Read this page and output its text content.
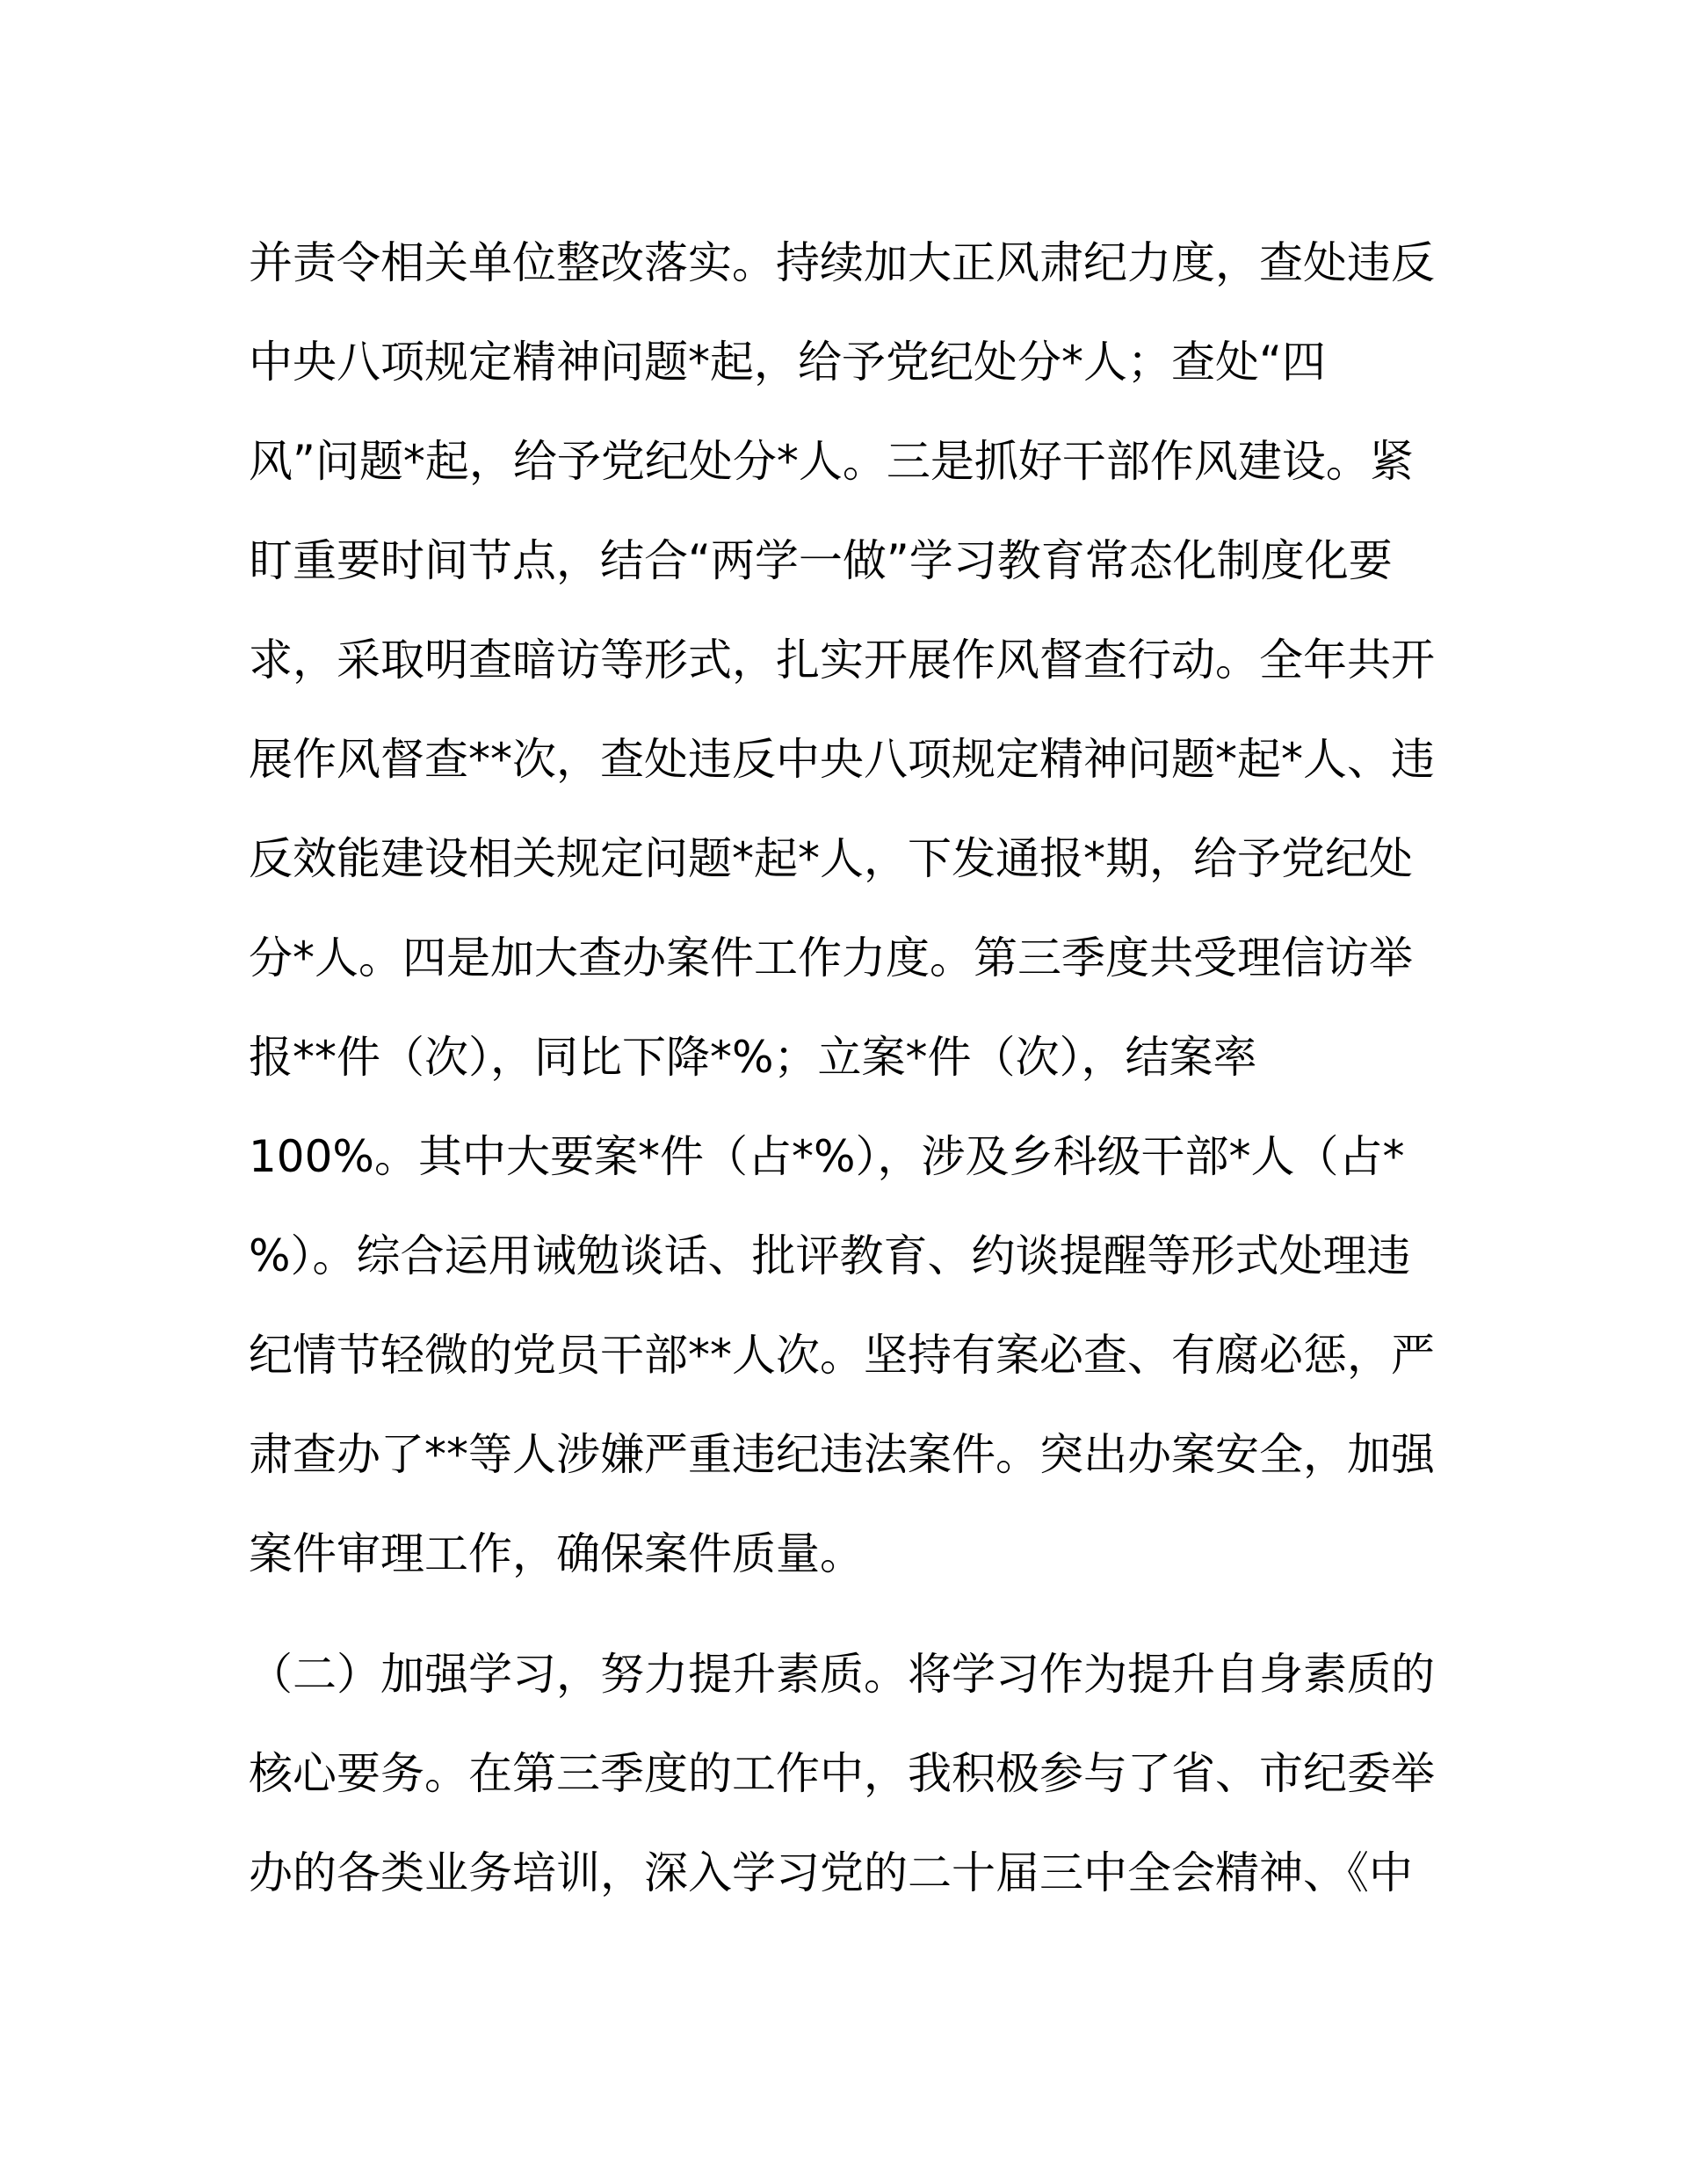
并责令相关单位整改落实。持续加大正风肃纪力度，查处违反
中央八项规定精神问题*起，给予党纪处分*人；查处“四
风”问题*起，给予党纪处分*人。三是抓好干部作风建设。紧
盯重要时间节点，结合“两学一做”学习教育常态化制度化要
求，采取明查暗访等形式，扎实开展作风督查行动。全年共开
展作风督查**次，查处违反中央八项规定精神问题*起*人、违
反效能建设相关规定问题*起*人，下发通报*期，给予党纪处
分*人。四是加大查办案件工作力度。第三季度共受理信访举
报**件（次），同比下降*%；立案*件（次），结案率
100%。其中大要案*件（占*%），涉及乡科级干部*人（占*
%）。综合运用诫勉谈话、批评教育、约谈提醒等形式处理违
纪情节轻微的党员干部**人次。坚持有案必查、有腐必惩，严
肃查办了**等人涉嫌严重违纪违法案件。突出办案安全，加强
案件审理工作，确保案件质量。
（二）加强学习，努力提升素质。将学习作为提升自身素质的
核心要务。在第三季度的工作中，我积极参与了省、市纪委举
办的各类业务培训，深入学习党的二十届三中全会精神、《中
